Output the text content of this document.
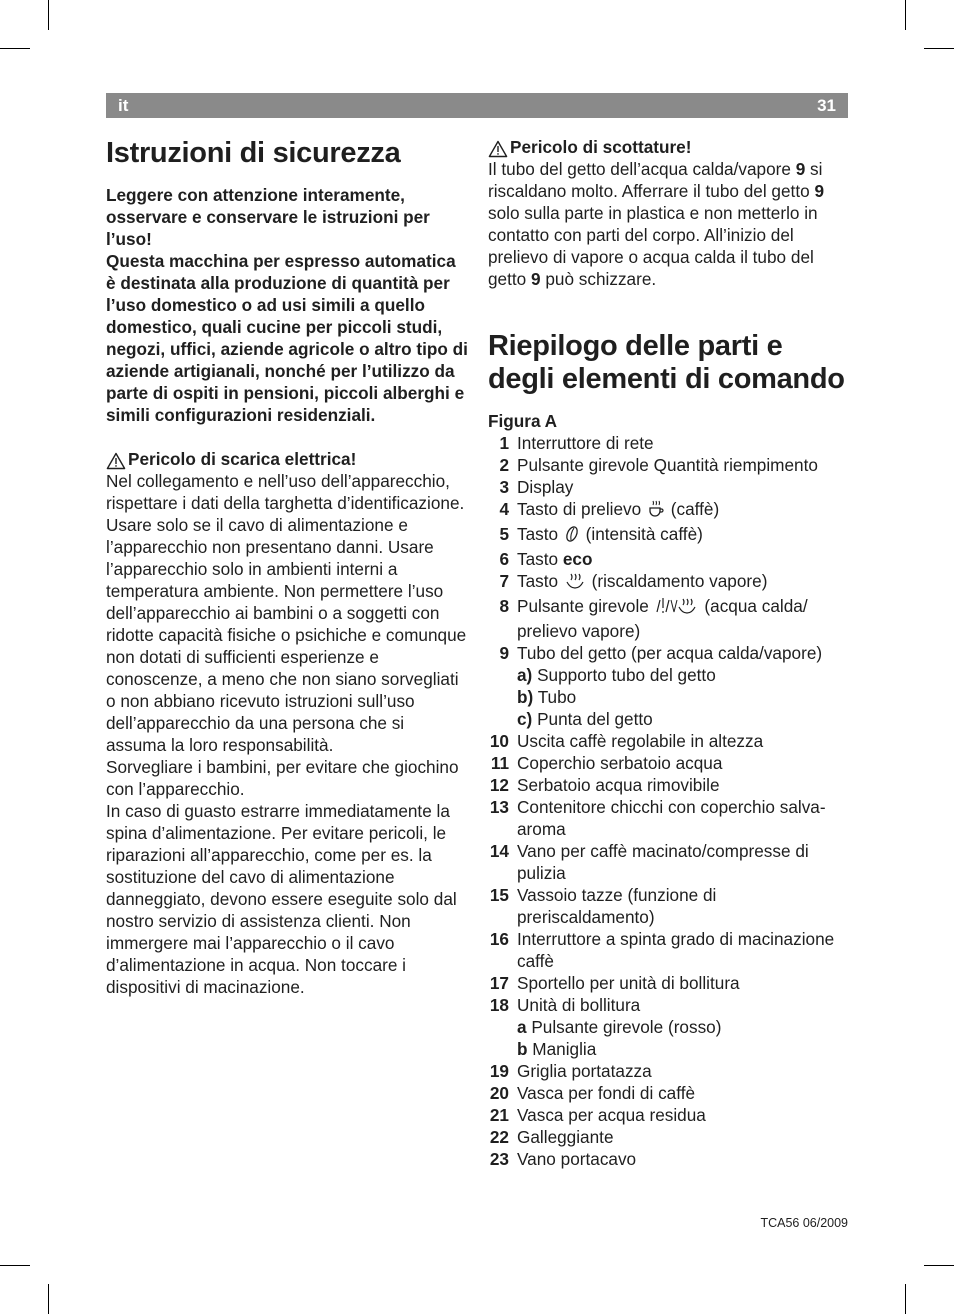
it	31
Istruzioni di sicurezza

Leggere con attenzione interamente, osservare e conservare le istruzioni per l’uso!

Questa macchina per espresso automatica è destinata alla produzione di quantità per l’uso domestico o ad usi simili a quello domestico, quali cucine per piccoli studi, negozi, uffici, aziende agricole o altro tipo di aziende artigianali, nonché per l’utilizzo da parte di ospiti in pensioni, piccoli alberghi e simili configurazioni residenziali.

Pericolo di scarica elettrica!

Nel collegamento e nell’uso dell’apparecchio, rispettare i dati della targhetta d’identificazione. Usare solo se il cavo di alimentazione e l’apparecchio non presentano danni. Usare l’apparecchio solo in ambienti interni a temperatura ambiente. Non permettere l’uso dell’apparecchio ai bambini o a soggetti con ridotte capacità fisiche o psichiche e comunque non dotati di sufficienti esperienze e conoscenze, a meno che non siano sorvegliati o non abbiano ricevuto istruzioni sull’uso dell’apparecchio da una persona che si assuma la loro responsabilità.

Sorvegliare i bambini, per evitare che giochino con l’apparecchio.

In caso di guasto estrarre immediatamente la spina d’alimentazione. Per evitare pericoli, le riparazioni all’apparecchio, come per es. la sostituzione del cavo di alimentazione danneggiato, devono essere eseguite solo dal nostro servizio di assistenza clienti. Non immergere mai l’apparecchio o il cavo d’alimentazione in acqua. Non toccare i dispositivi di macinazione.

Pericolo di scottature!

Il tubo del getto dell’acqua calda/vapore 9 si riscaldano molto. Afferrare il tubo del getto 9 solo sulla parte in plastica e non metterlo in contatto con parti del corpo. All’inizio del prelievo di vapore o acqua calda il tubo del getto 9 può schizzare.

Riepilogo delle parti e degli elementi di comando
Figura A
1 Interruttore di rete
2 Pulsante girevole Quantità riempimento
3 Display
4 Tasto di prelievo (caffè)
5 Tasto (intensità caffè)
6 Tasto eco
7 Tasto (riscaldamento vapore)
8 Pulsante girevole	(acqua calda/ prelievo vapore)
9 Tubo del getto (per acqua calda/vapore)
a) Supporto tubo del getto
b) Tubo
c) Punta del getto
10 Uscita caffè regolabile in altezza
11 Coperchio serbatoio acqua
12 Serbatoio acqua rimovibile
13 Contenitore chicchi con coperchio salvaaroma
14 Vano per caffè macinato/compresse di pulizia
15 Vassoio tazze (funzione di preriscaldamento)
16 Interruttore a spinta grado di macinazione caffè
17 Sportello per unità di bollitura
18 Unità di bollitura
a Pulsante girevole (rosso)
b Maniglia
19 Griglia portatazza
20 Vasca per fondi di caffè
21 Vasca per acqua residua
22 Galleggiante
23 Vano portacavo
TCA56 06/2009
